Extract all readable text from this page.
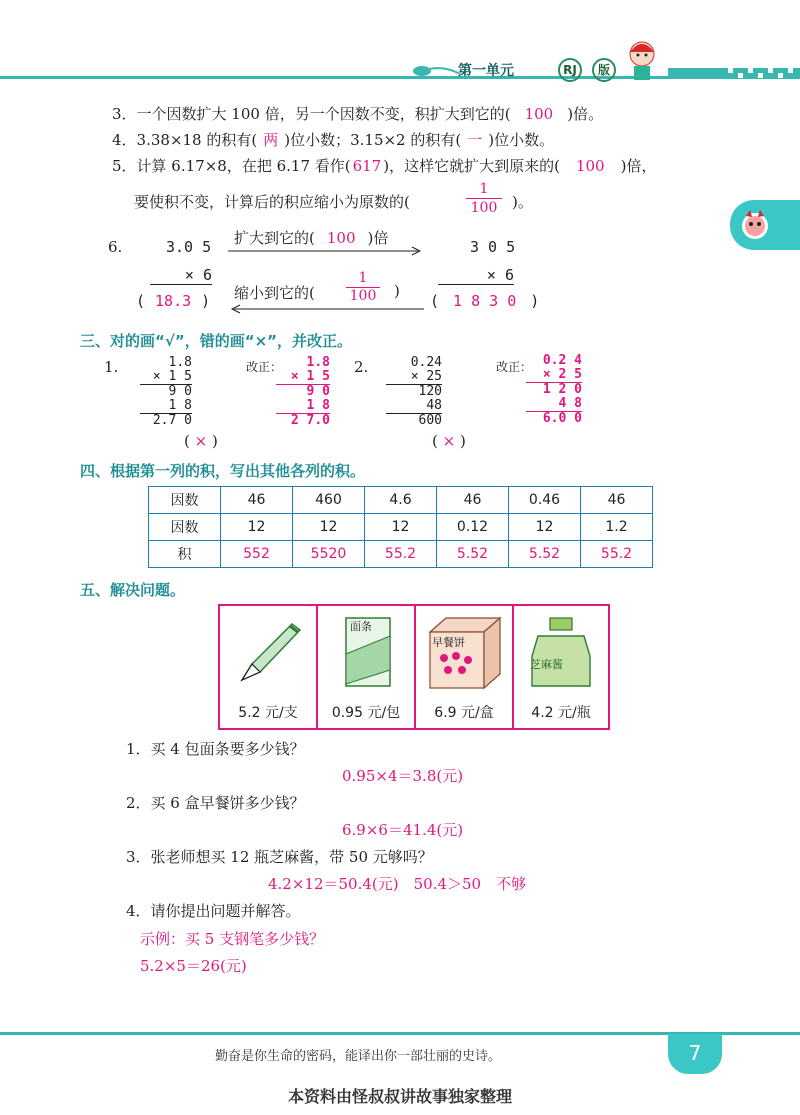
第一单元	RJ	版
3．一个因数扩大 100 倍，另一个因数不变，积扩大到它的( 100 )倍。
4．3.38×18 的积有( 两 )位小数；3.15×2 的积有( 一 )位小数。
5．计算 6.17×8，在把 6.17 看作( 617 )，这样它就扩大到原来的( 100 )倍，
要使积不变，计算后的积应缩小为原数的(	$\frac{1}{100}$ )。
6.	3.0 5
× 6
( 18.3 )
扩大到它的( 100 )倍
缩小到它的( $\frac{1}{100}$ )
3 0 5
× 6
( 1 8 3 0 )
三、对的画“√”，错的画“×”，并改正。
1.	1.8
× 1 5
9 0
1 8
2.7 0
( × )
改正：	1.8
× 1 5
9 0
1 8
2 7.0
2.	0.24
× 25
120
48
600
( × )
改正： 0.2 4
× 2 5
1 2 0
4 8
6.0 0
四、根据第一列的积，写出其他各列的积。
因数	46	460	4.6	46	0.46	46
因数	12	12	12	0.12	12	1.2
积	552	5520	55.2	5.52	5.52	55.2
五、解决问题。
5.2 元/支
面条
0.95 元/包
早餐饼
6.9 元/盒
芝麻酱
4.2 元/瓶
1．买 4 包面条要多少钱？
0.95×4＝3.8(元)
2．买 6 盒早餐饼多少钱？
6.9×6＝41.4(元)
3．张老师想买 12 瓶芝麻酱，带 50 元够吗？
4.2×12＝50.4(元)　50.4＞50　不够
4．请你提出问题并解答。
示例：买 5 支钢笔多少钱？
5.2×5＝26(元)
勤奋是你生命的密码，能译出你一部壮丽的史诗。	7
本资料由怪叔叔讲故事独家整理
